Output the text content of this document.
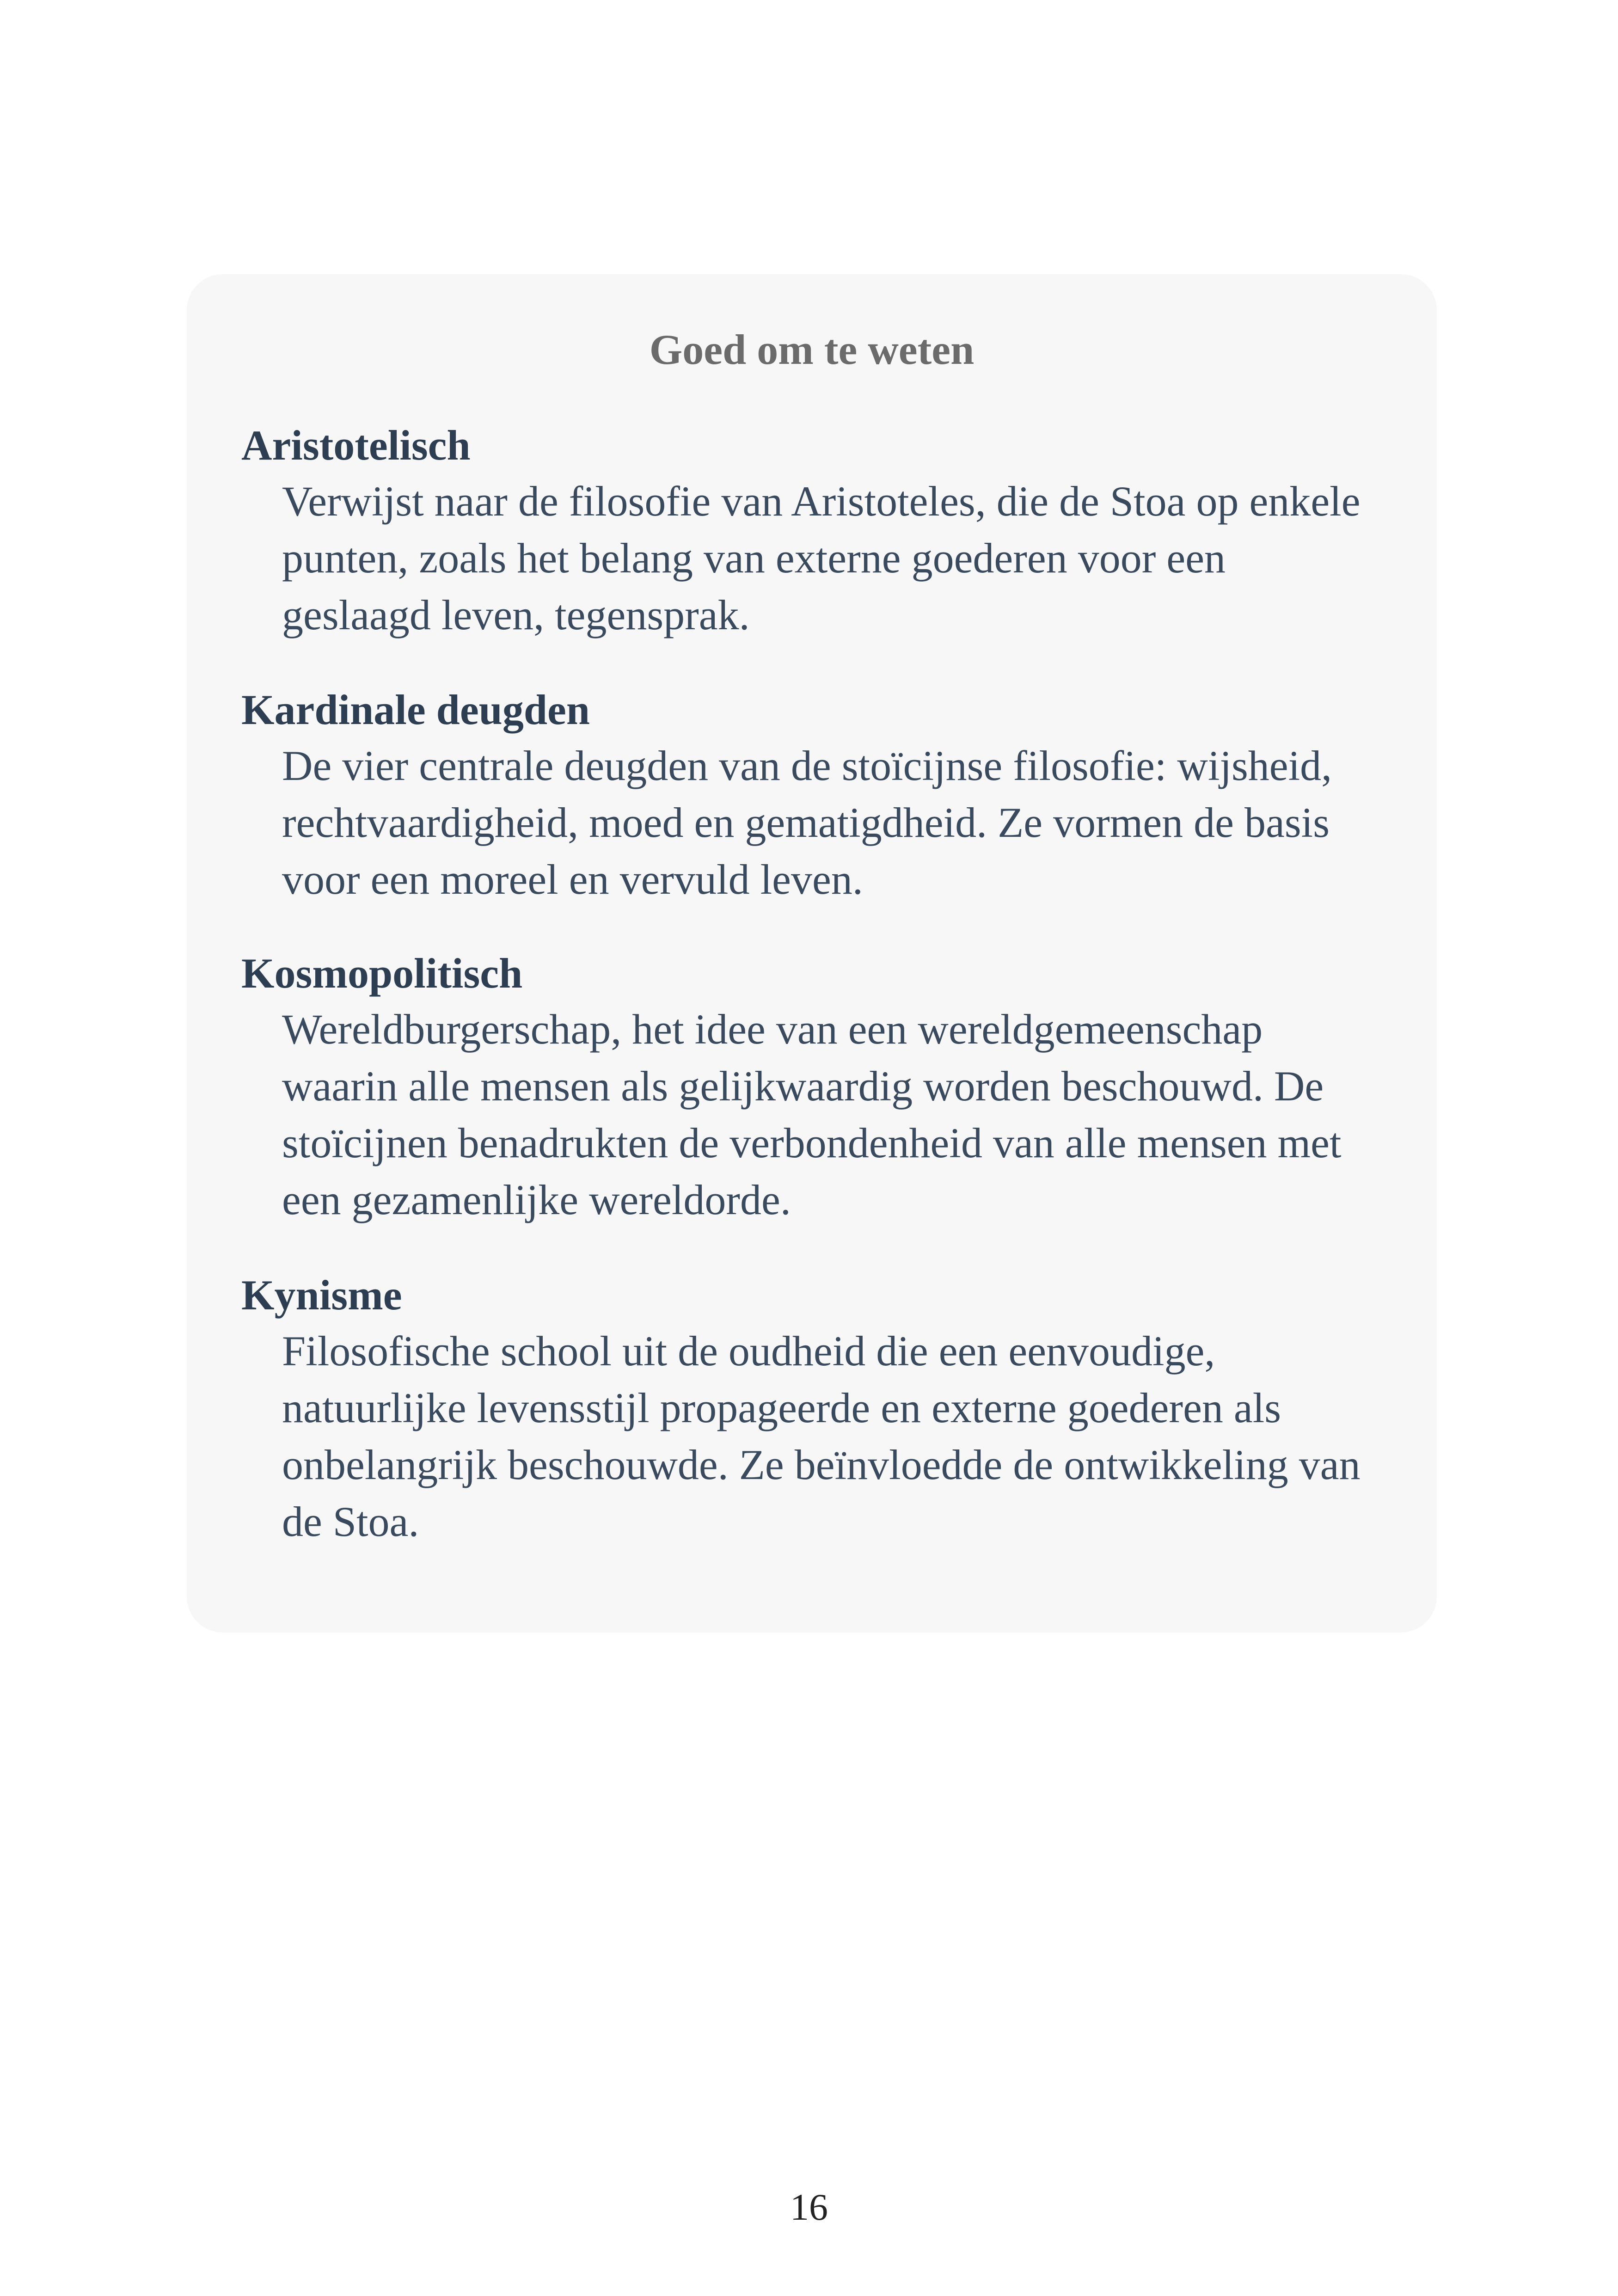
Goed om te weten

Aristotelisch

Verwijst naar de filosofie van Aristoteles, die de Stoa op enkele
punten, zoals het belang van externe goederen voor een
geslaagd leven, tegensprak.

Kardinale deugden

De vier centrale deugden van de stoïcijnse filosofie: wijsheid,
rechtvaardigheid, moed en gematigdheid. Ze vormen de basis
voor een moreel en vervuld leven.

Kosmopolitisch

Wereldburgerschap, het idee van een wereldgemeenschap
waarin alle mensen als gelijkwaardig worden beschouwd. De
stoïcijnen benadrukten de verbondenheid van alle mensen met
een gezamenlijke wereldorde.

Kynisme

Filosofische school uit de oudheid die een eenvoudige,
natuurlijke levensstijl propageerde en externe goederen als
onbelangrijk beschouwde. Ze beïnvloedde de ontwikkeling van
de Stoa.

16
